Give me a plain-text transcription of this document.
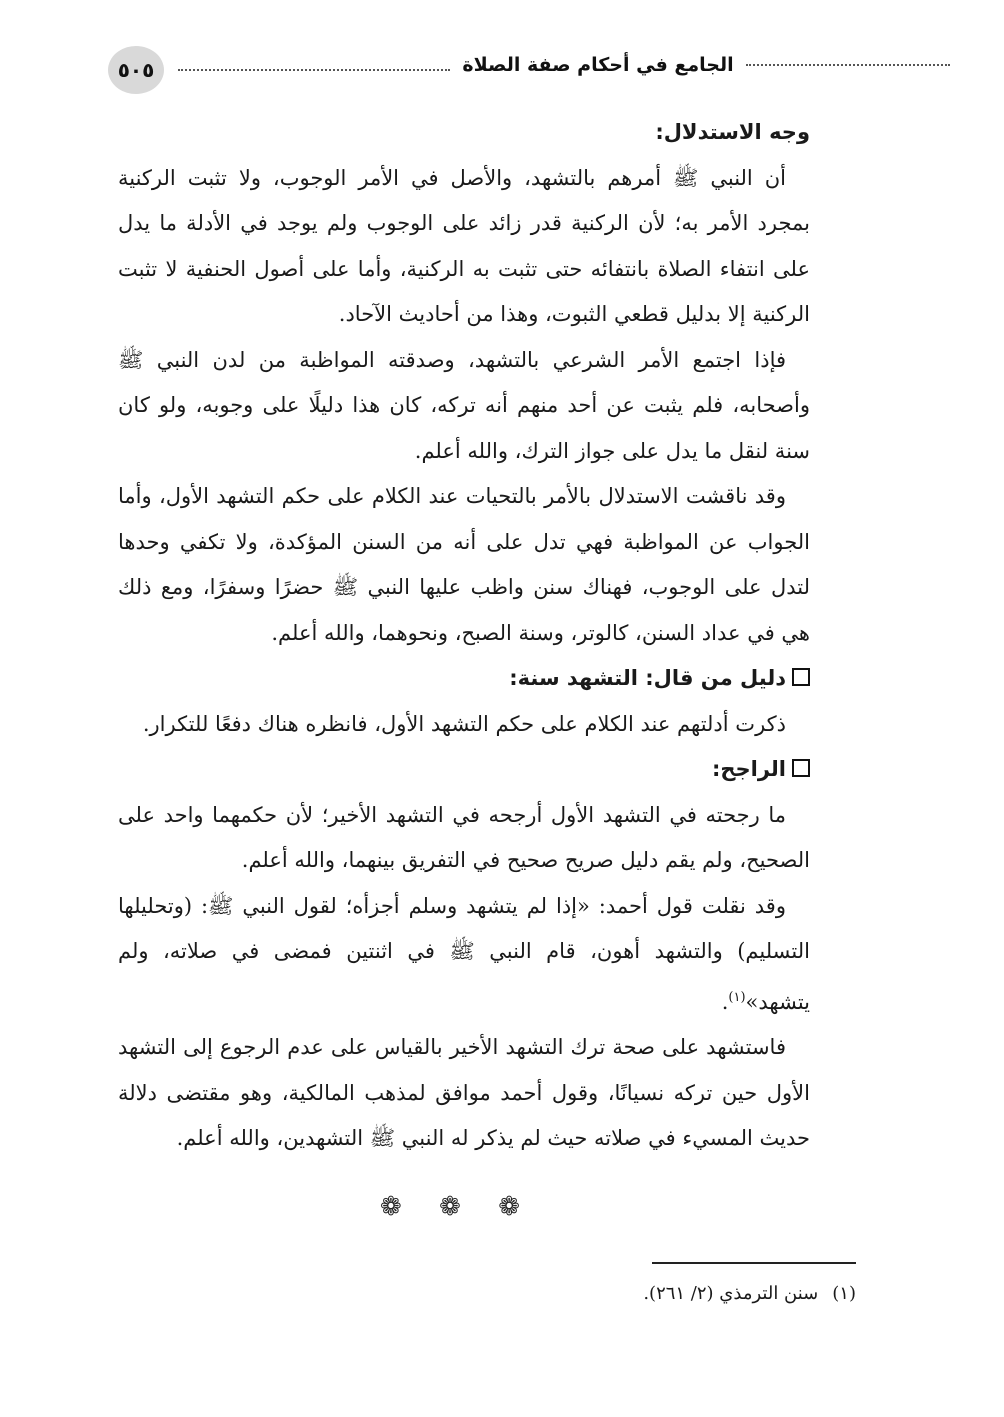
٥٠٥	الجامع في أحكام صفة الصلاة

وجه الاستدلال:

أن النبي ﷺ أمرهم بالتشهد، والأصل في الأمر الوجوب، ولا تثبت الركنية بمجرد الأمر به؛ لأن الركنية قدر زائد على الوجوب ولم يوجد في الأدلة ما يدل على انتفاء الصلاة بانتفائه حتى تثبت به الركنية، وأما على أصول الحنفية لا تثبت الركنية إلا بدليل قطعي الثبوت، وهذا من أحاديث الآحاد.

فإذا اجتمع الأمر الشرعي بالتشهد، وصدقته المواظبة من لدن النبي ﷺ وأصحابه، فلم يثبت عن أحد منهم أنه تركه، كان هذا دليلًا على وجوبه، ولو كان سنة لنقل ما يدل على جواز الترك، والله أعلم.

وقد ناقشت الاستدلال بالأمر بالتحيات عند الكلام على حكم التشهد الأول، وأما الجواب عن المواظبة فهي تدل على أنه من السنن المؤكدة، ولا تكفي وحدها لتدل على الوجوب، فهناك سنن واظب عليها النبي ﷺ حضرًا وسفرًا، ومع ذلك هي في عداد السنن، كالوتر، وسنة الصبح، ونحوهما، والله أعلم.

دليل من قال: التشهد سنة:

ذكرت أدلتهم عند الكلام على حكم التشهد الأول، فانظره هناك دفعًا للتكرار.

الراجح:

ما رجحته في التشهد الأول أرجحه في التشهد الأخير؛ لأن حكمهما واحد على الصحيح، ولم يقم دليل صريح صحيح في التفريق بينهما، والله أعلم.

وقد نقلت قول أحمد: «إذا لم يتشهد وسلم أجزأه؛ لقول النبي ﷺ: (وتحليلها التسليم) والتشهد أهون، قام النبي ﷺ في اثنتين فمضى في صلاته، ولم يتشهد»$^{(١)}$.

فاستشهد على صحة ترك التشهد الأخير بالقياس على عدم الرجوع إلى التشهد الأول حين تركه نسيانًا، وقول أحمد موافق لمذهب المالكية، وهو مقتضى دلالة حديث المسيء في صلاته حيث لم يذكر له النبي ﷺ التشهدين، والله أعلم.

❁ ❁ ❁
(١)سنن الترمذي (٢/ ٢٦١).
